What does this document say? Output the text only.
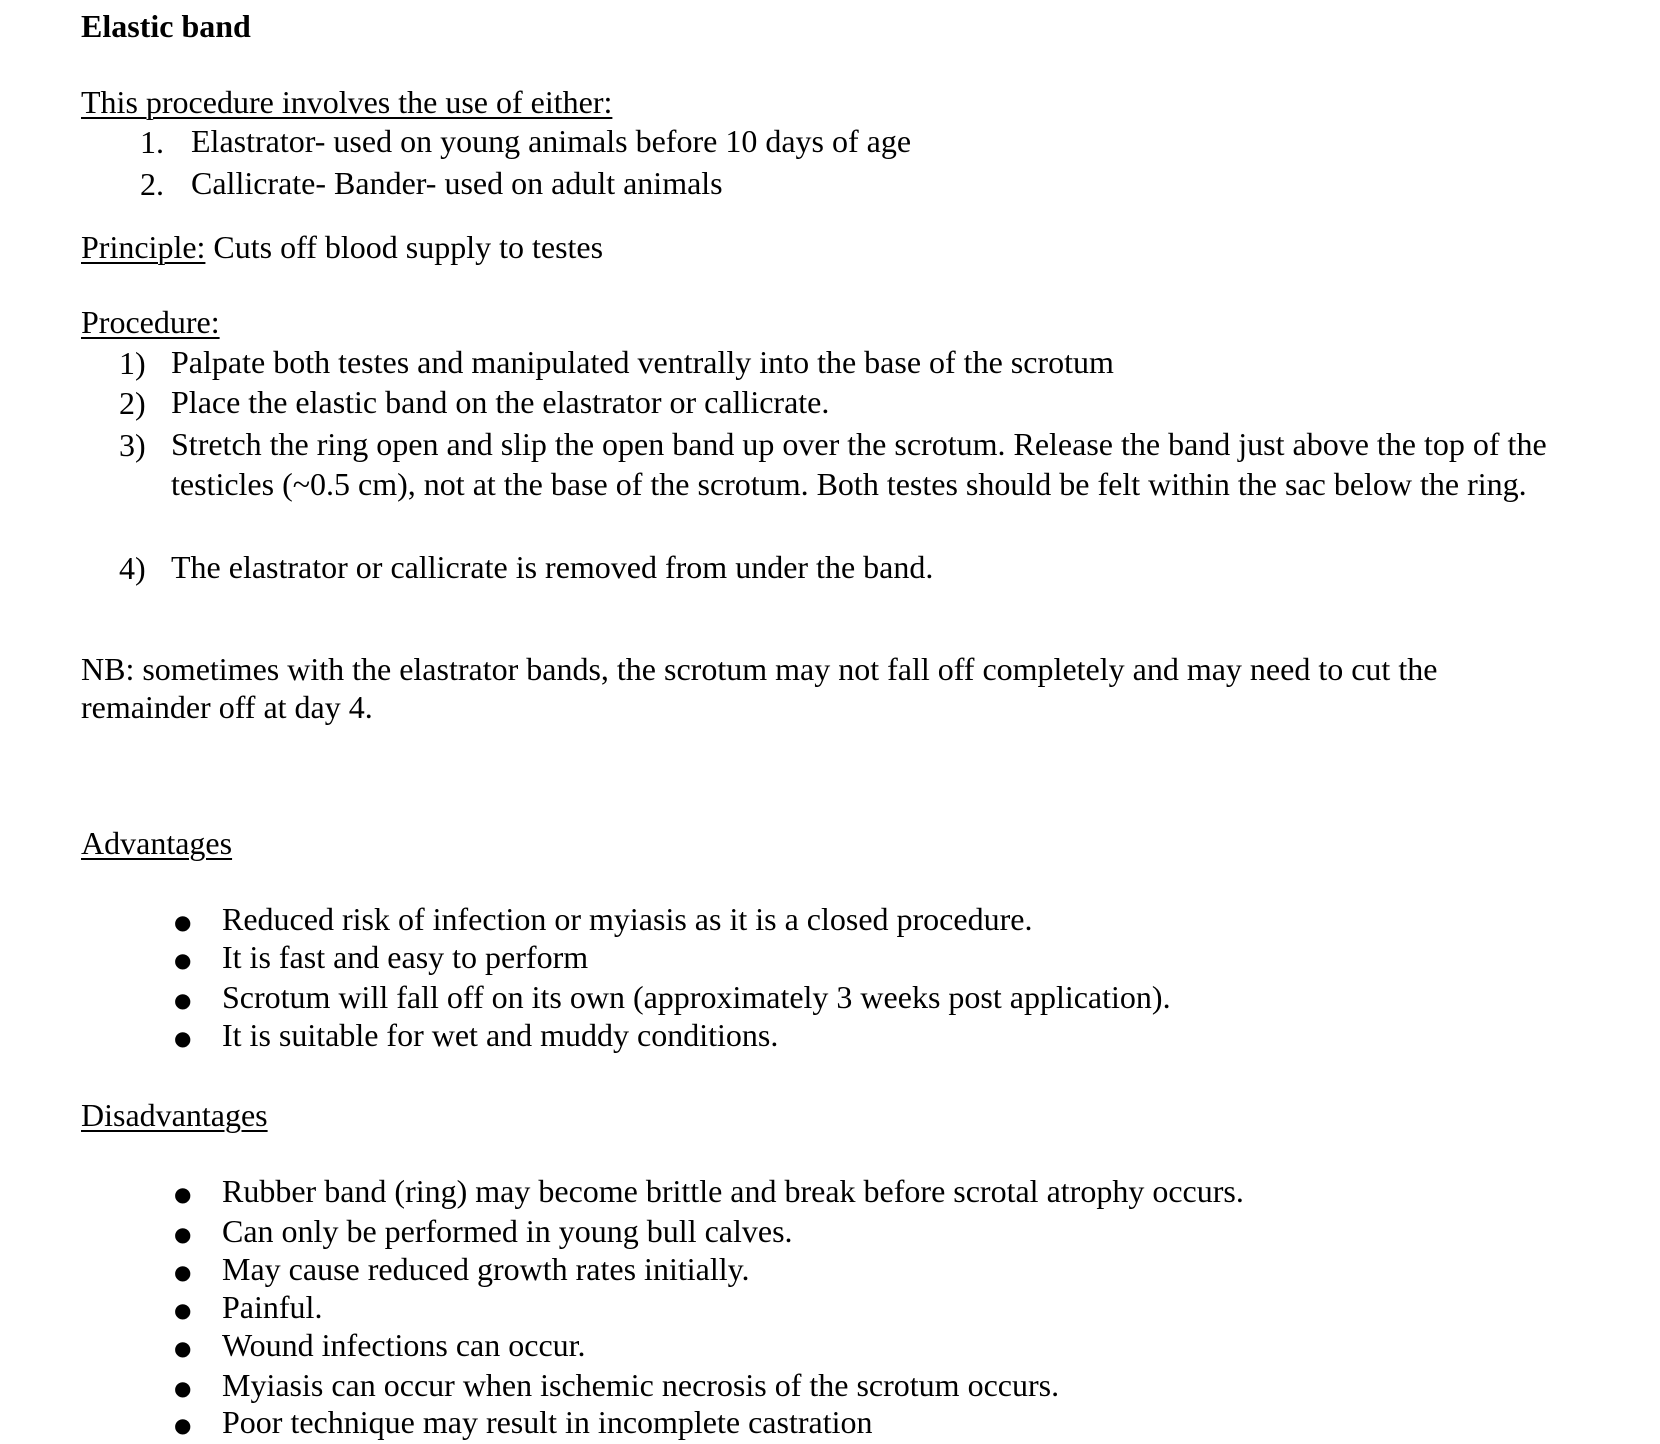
Elastic band

This procedure involves the use of either:

1. Elastrator- used on young animals before 10 days of age
2. Callicrate- Bander- used on adult animals

Principle: Cuts off blood supply to testes

Procedure:

1) Palpate both testes and manipulated ventrally into the base of the scrotum
2) Place the elastic band on the elastrator or callicrate.
3) Stretch the ring open and slip the open band up over the scrotum. Release the band just above the top of the testicles (~0.5 cm), not at the base of the scrotum. Both testes should be felt within the sac below the ring.
4) The elastrator or callicrate is removed from under the band.

NB: sometimes with the elastrator bands, the scrotum may not fall off completely and may need to cut the remainder off at day 4.

Advantages

●
Reduced risk of infection or myiasis as it is a closed procedure.
●
It is fast and easy to perform
●
Scrotum will fall off on its own (approximately 3 weeks post application).
●
It is suitable for wet and muddy conditions.

Disadvantages

●
Rubber band (ring) may become brittle and break before scrotal atrophy occurs.
●
Can only be performed in young bull calves.
●
May cause reduced growth rates initially.
●
Painful.
●
Wound infections can occur.
●
Myiasis can occur when ischemic necrosis of the scrotum occurs.
●
Poor technique may result in incomplete castration
